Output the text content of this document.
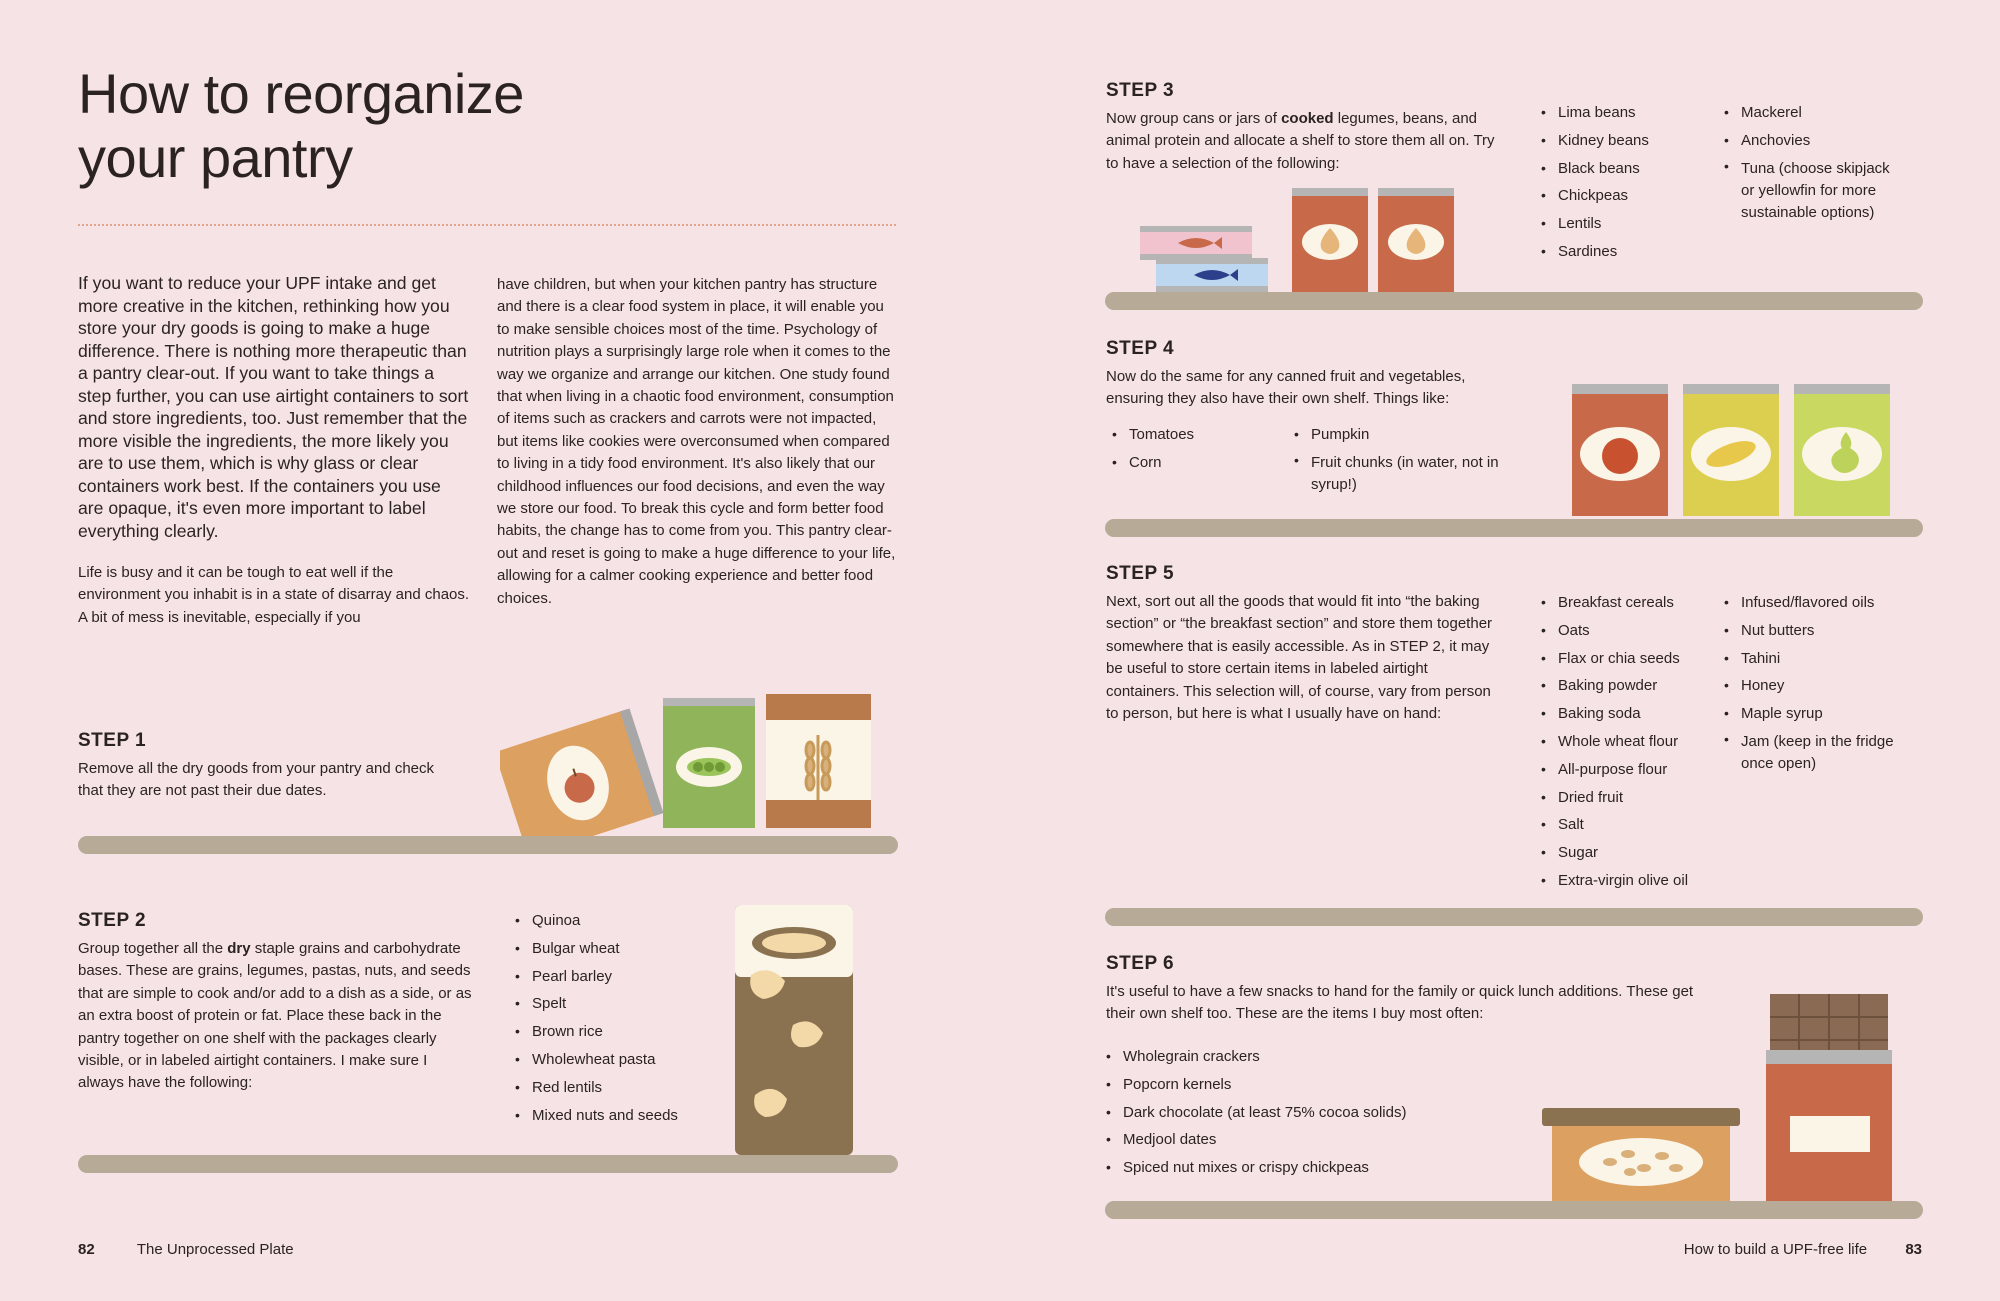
How to reorganize
your pantry
If you want to reduce your UPF intake and get more creative in the kitchen, rethinking how you store your dry goods is going to make a huge difference. There is nothing more therapeutic than a pantry clear-out. If you want to take things a step further, you can use airtight containers to sort and store ingredients, too. Just remember that the more visible the ingredients, the more likely you are to use them, which is why glass or clear containers work best. If the containers you use are opaque, it's even more important to label everything clearly.
Life is busy and it can be tough to eat well if the environment you inhabit is in a state of disarray and chaos. A bit of mess is inevitable, especially if you
have children, but when your kitchen pantry has structure and there is a clear food system in place, it will enable you to make sensible choices most of the time. Psychology of nutrition plays a surprisingly large role when it comes to the way we organize and arrange our kitchen. One study found that when living in a chaotic food environment, consumption of items such as crackers and carrots were not impacted, but items like cookies were overconsumed when compared to living in a tidy food environment. It's also likely that our childhood influences our food decisions, and even the way we store our food. To break this cycle and form better food habits, the change has to come from you. This pantry clear-out and reset is going to make a huge difference to your life, allowing for a calmer cooking experience and better food choices.
STEP 1
Remove all the dry goods from your pantry and check that they are not past their due dates.
STEP 2
Group together all the dry staple grains and carbohydrate bases. These are grains, legumes, pastas, nuts, and seeds that are simple to cook and/or add to a dish as a side, or as an extra boost of protein or fat. Place these back in the pantry together on one shelf with the packages clearly visible, or in labeled airtight containers. I make sure I always have the following:
• Quinoa
• Bulgar wheat
• Pearl barley
• Spelt
• Brown rice
• Wholewheat pasta
• Red lentils
• Mixed nuts and seeds
STEP 3
Now group cans or jars of cooked legumes, beans, and animal protein and allocate a shelf to store them all on. Try to have a selection of the following:
• Lima beans
• Kidney beans
• Black beans
• Chickpeas
• Lentils
• Sardines
• Mackerel
• Anchovies
• Tuna (choose skipjack or yellowfin for more sustainable options)
STEP 4
Now do the same for any canned fruit and vegetables, ensuring they also have their own shelf. Things like:
• Tomatoes
• Corn
• Pumpkin
• Fruit chunks (in water, not in syrup!)
STEP 5
Next, sort out all the goods that would fit into “the baking section” or “the breakfast section” and store them together somewhere that is easily accessible. As in STEP 2, it may be useful to store certain items in labeled airtight containers. This selection will, of course, vary from person to person, but here is what I usually have on hand:
• Breakfast cereals
• Oats
• Flax or chia seeds
• Baking powder
• Baking soda
• Whole wheat flour
• All-purpose flour
• Dried fruit
• Salt
• Sugar
• Extra-virgin olive oil
• Infused/flavored oils
• Nut butters
• Tahini
• Honey
• Maple syrup
• Jam (keep in the fridge once open)
STEP 6
It's useful to have a few snacks to hand for the family or quick lunch additions. These get their own shelf too. These are the items I buy most often:
• Wholegrain crackers
• Popcorn kernels
• Dark chocolate (at least 75% cocoa solids)
• Medjool dates
• Spiced nut mixes or crispy chickpeas
82	The Unprocessed Plate	How to build a UPF-free life	83
